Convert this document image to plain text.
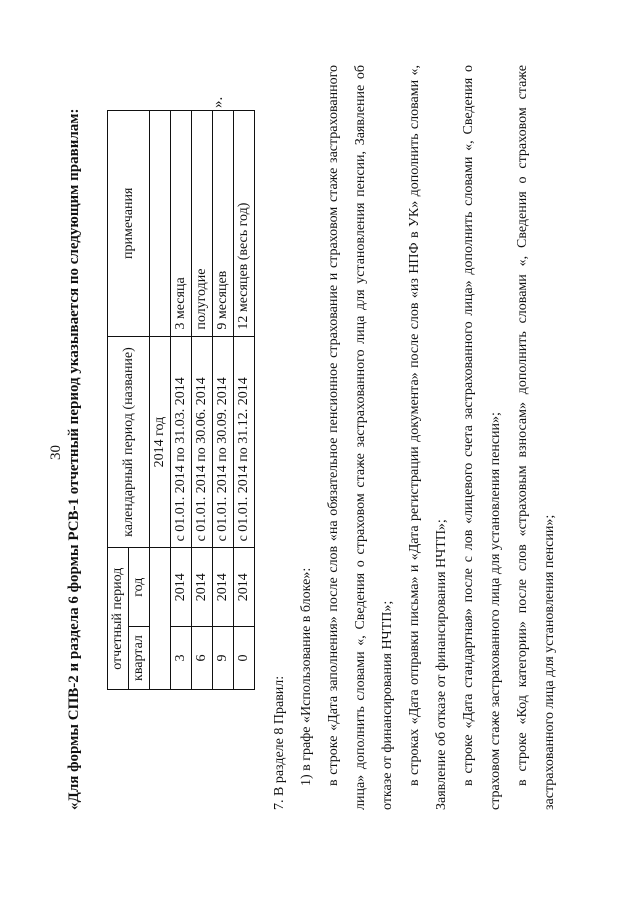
30 «Для формы СПВ-2 и раздела 6 формы РСВ-1 отчетный период указывается по следующим правилам: отчетный период		календарный период (название)	примечания
квартал	год		
		2014 год	
3	2014	с 01.01. 2014 по 31.03. 2014	3 месяца
6	2014	с 01.01. 2014 по 30.06. 2014	полугодие
9	2014	с 01.01. 2014 по 30.09. 2014	9 месяцев
0	2014	с 01.01. 2014 по 31.12. 2014	12 месяцев (весь год)
».

7. В разделе 8 Правил: 1) в графе «Использование в блоке»: в строке «Дата заполнения» после слов «на обязательное пенсионное страхование и страховом стаже застрахованного лица» дополнить словами «, Сведения о страховом стаже застрахованного лица для установления пенсии, Заявление об отказе от финансирования НЧТП»; в строках «Дата отправки письма» и «Дата регистрации документа» после слов «из НПФ в УК» дополнить словами «, Заявление об отказе от финансирования НЧТП»; в строке «Дата стандартная» после с лов «лицевого счета застрахованного лица» дополнить словами «, Сведения о страховом стаже застрахованного лица для установления пенсии»; в строке «Код категории» после слов «страховым взносам» дополнить словами «, Сведения о страховом стаже застрахованного лица для установления пенсии»;
